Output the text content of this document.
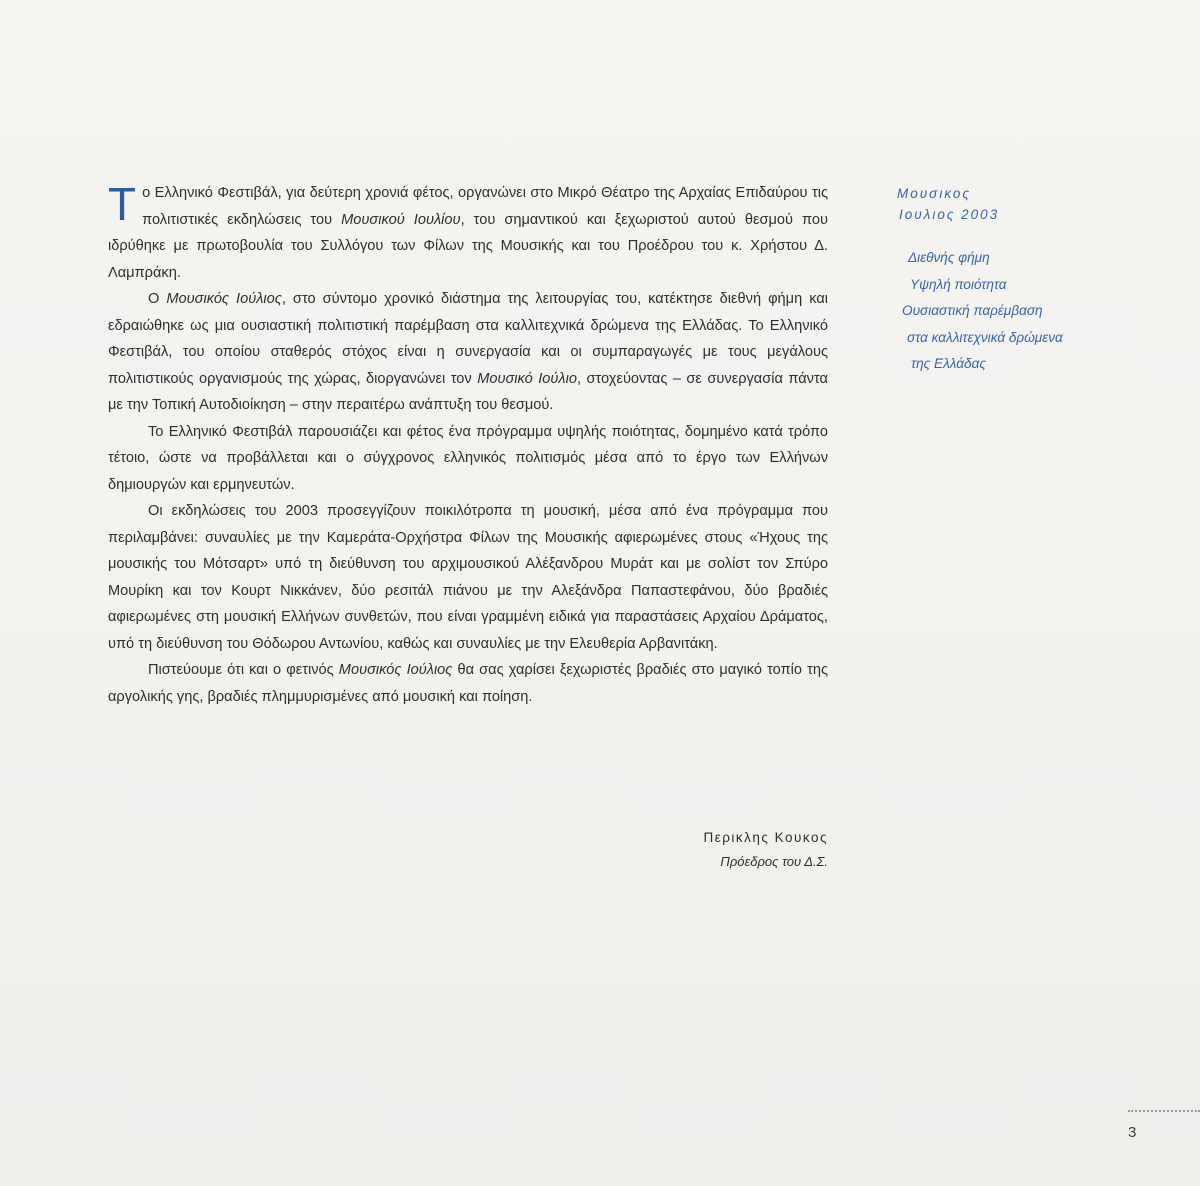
Τ ο Ελληνικό Φεστιβάλ, για δεύτερη χρονιά φέτος, οργανώνει στο Μικρό Θέατρο της Αρχαίας Επιδαύρου τις πολιτιστικές εκδηλώσεις του Μουσικού Ιουλίου, του σημαντικού και ξεχωριστού αυτού θεσμού που ιδρύθηκε με πρωτοβουλία του Συλλόγου των Φίλων της Μουσικής και του Προέδρου του κ. Χρήστου Δ. Λαμπράκη.

Ο Μουσικός Ιούλιος, στο σύντομο χρονικό διάστημα της λειτουργίας του, κατέκτησε διεθνή φήμη και εδραιώθηκε ως μια ουσιαστική πολιτιστική παρέμβαση στα καλλιτεχνικά δρώμενα της Ελλάδας. Το Ελληνικό Φεστιβάλ, του οποίου σταθερός στόχος είναι η συνεργασία και οι συμπαραγωγές με τους μεγάλους πολιτιστικούς οργανισμούς της χώρας, διοργανώνει τον Μουσικό Ιούλιο, στοχεύοντας – σε συνεργασία πάντα με την Τοπική Αυτοδιοίκηση – στην περαιτέρω ανάπτυξη του θεσμού.

Το Ελληνικό Φεστιβάλ παρουσιάζει και φέτος ένα πρόγραμμα υψηλής ποιότητας, δομημένο κατά τρόπο τέτοιο, ώστε να προβάλλεται και ο σύγχρονος ελληνικός πολιτισμός μέσα από το έργο των Ελλήνων δημιουργών και ερμηνευτών.

Οι εκδηλώσεις του 2003 προσεγγίζουν ποικιλότροπα τη μουσική, μέσα από ένα πρόγραμμα που περιλαμβάνει: συναυλίες με την Καμεράτα-Ορχήστρα Φίλων της Μουσικής αφιερωμένες στους «Ήχους της μουσικής του Μότσαρτ» υπό τη διεύθυνση του αρχιμουσικού Αλέξανδρου Μυράτ και με σολίστ τον Σπύρο Μουρίκη και τον Κουρτ Νικκάνεν, δύο ρεσιτάλ πιάνου με την Αλεξάνδρα Παπαστεφάνου, δύο βραδιές αφιερωμένες στη μουσική Ελλήνων συνθετών, που είναι γραμμένη ειδικά για παραστάσεις Αρχαίου Δράματος, υπό τη διεύθυνση του Θόδωρου Αντωνίου, καθώς και συναυλίες με την Ελευθερία Αρβανιτάκη.

Πιστεύουμε ότι και ο φετινός Μουσικός Ιούλιος θα σας χαρίσει ξεχωριστές βραδιές στο μαγικό τοπίο της αργολικής γης, βραδιές πλημμυρισμένες από μουσική και ποίηση.

Περικλης Κουκος
Πρόεδρος του Δ.Σ.
Μουσικος
Ιουλιος 2003
Διεθνής φήμη
Υψηλή ποιότητα
Ουσιαστική παρέμβαση
στα καλλιτεχνικά δρώμενα
της Ελλάδας
3
